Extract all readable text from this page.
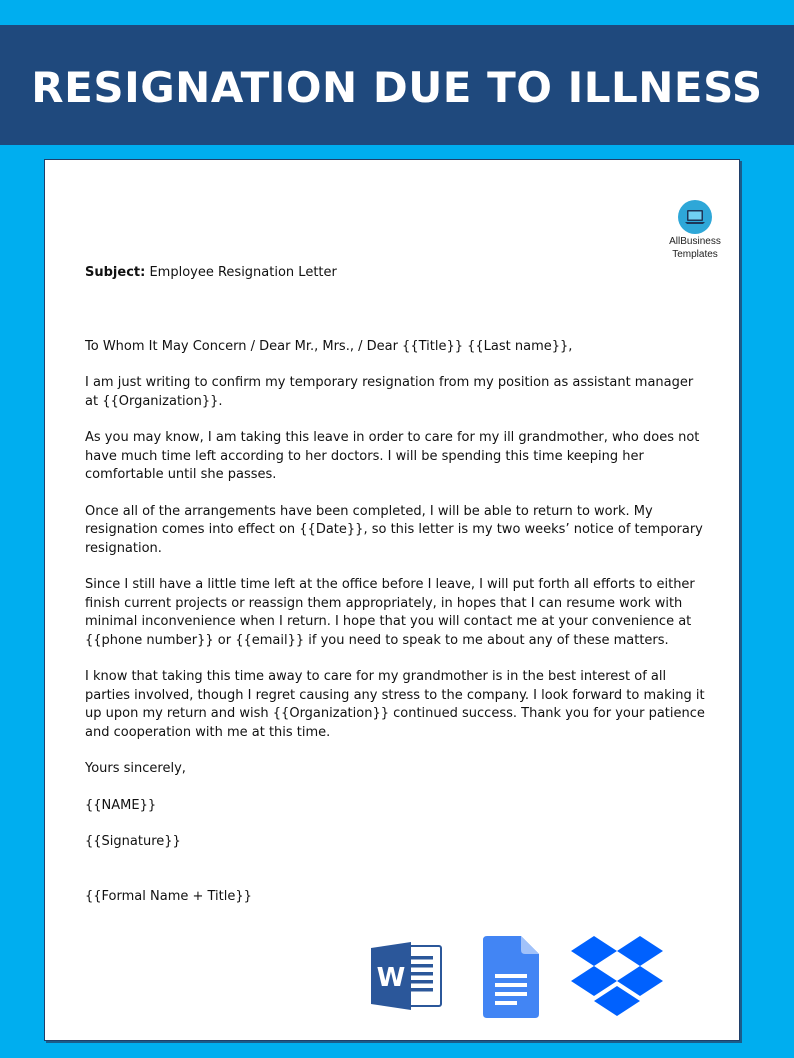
RESIGNATION DUE TO ILLNESS
AllBusiness
Templates

Subject: Employee Resignation Letter

To Whom It May Concern / Dear Mr., Mrs., / Dear {{Title}} {{Last name}},

I am just writing to confirm my temporary resignation from my position as assistant manager at {{Organization}}.

As you may know, I am taking this leave in order to care for my ill grandmother, who does not have much time left according to her doctors. I will be spending this time keeping her comfortable until she passes.

Once all of the arrangements have been completed, I will be able to return to work. My resignation comes into effect on {{Date}}, so this letter is my two weeks’ notice of temporary resignation.

Since I still have a little time left at the office before I leave, I will put forth all efforts to either finish current projects or reassign them appropriately, in hopes that I can resume work with minimal inconvenience when I return. I hope that you will contact me at your convenience at {{phone number}} or {{email}} if you need to speak to me about any of these matters.

I know that taking this time away to care for my grandmother is in the best interest of all parties involved, though I regret causing any stress to the company. I look forward to making it up upon my return and wish {{Organization}} continued success. Thank you for your patience and cooperation with me at this time.

Yours sincerely,

{{NAME}}

{{Signature}}

{{Formal Name + Title}}

W
